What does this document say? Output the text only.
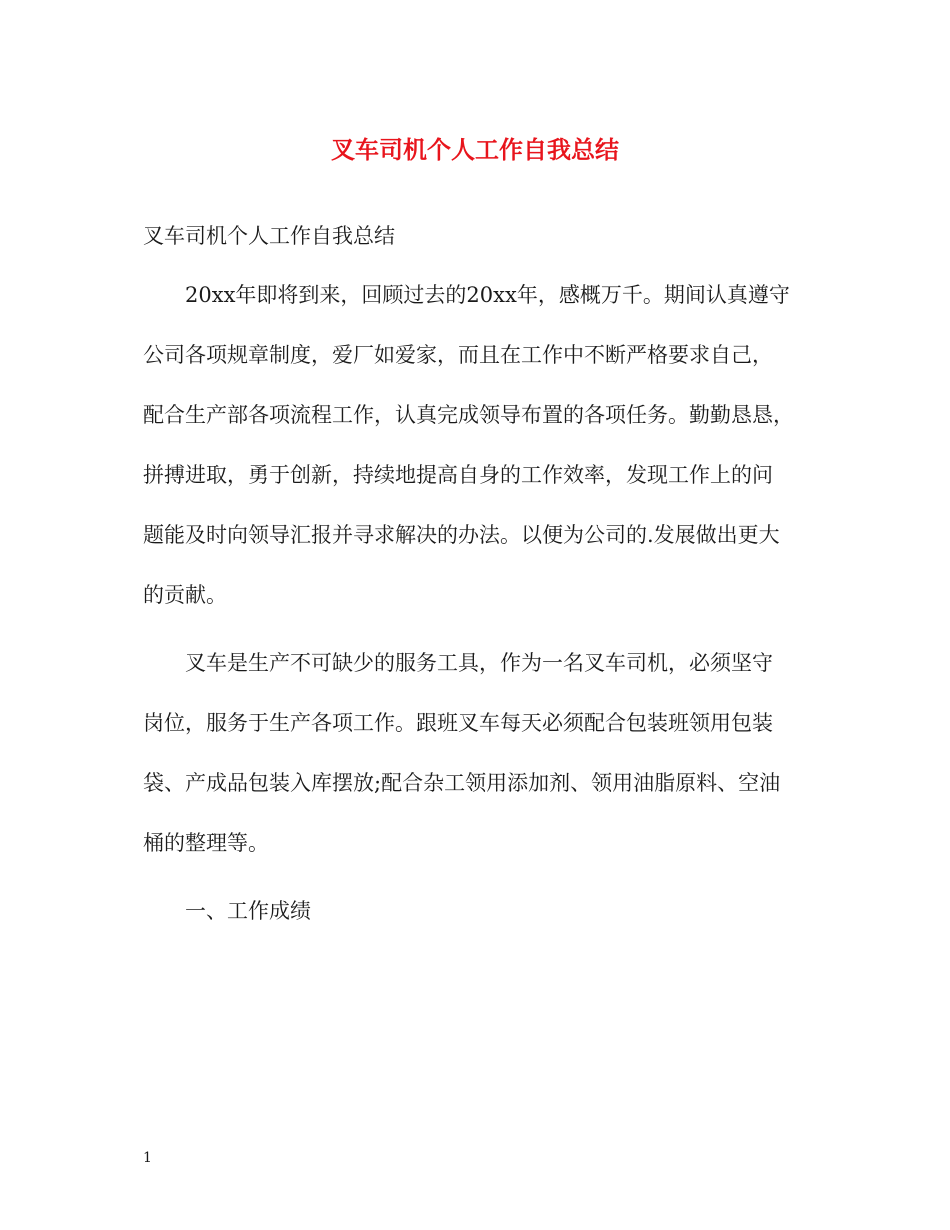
叉车司机个人工作自我总结
叉车司机个人工作自我总结
20xx年即将到来，回顾过去的20xx年，感概万千。期间认真遵守
公司各项规章制度，爱厂如爱家，而且在工作中不断严格要求自己，
配合生产部各项流程工作，认真完成领导布置的各项任务。勤勤恳恳，
拼搏进取，勇于创新，持续地提高自身的工作效率，发现工作上的问
题能及时向领导汇报并寻求解决的办法。以便为公司的.发展做出更大
的贡献。
叉车是生产不可缺少的服务工具，作为一名叉车司机，必须坚守
岗位，服务于生产各项工作。跟班叉车每天必须配合包装班领用包装
袋、产成品包装入库摆放;配合杂工领用添加剂、领用油脂原料、空油
桶的整理等。
一、工作成绩
1
